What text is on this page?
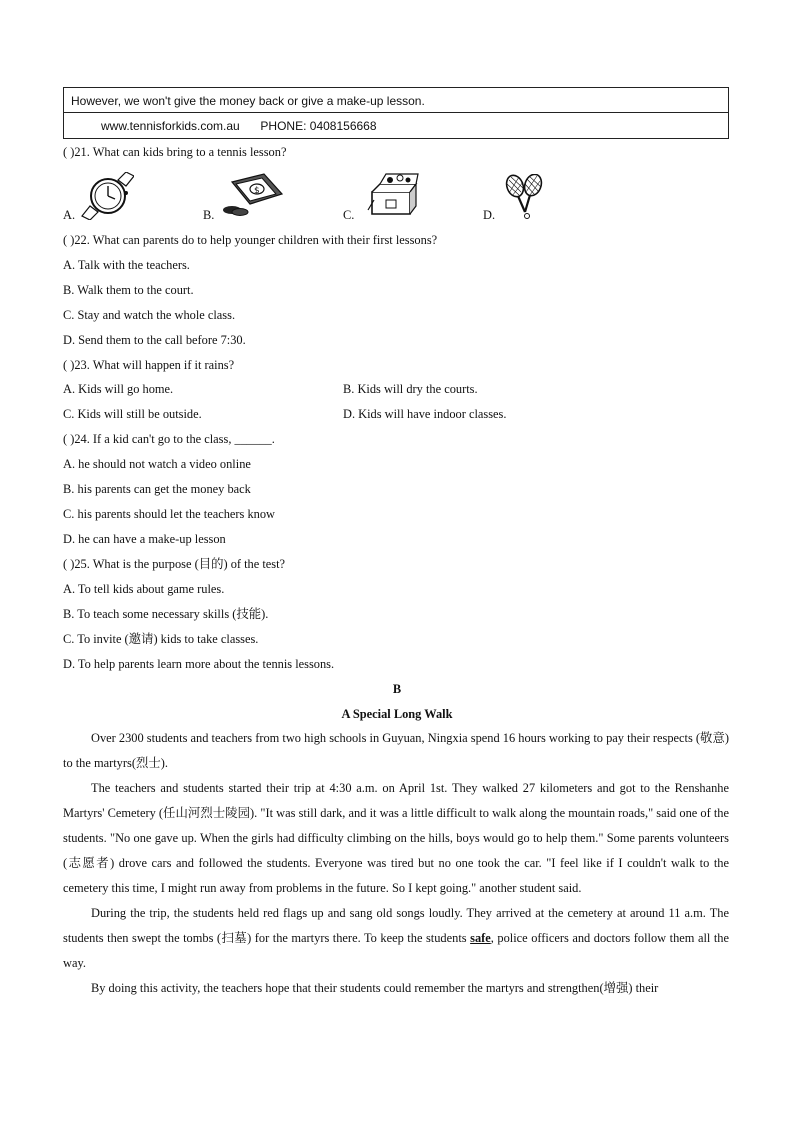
However, we won't give the money back or give a make-up lesson.
www.tennisforkids.com.au PHONE: 0408156668
( )21. What can kids bring to a tennis lesson?
A.	B.	C.	D.
$
( )22. What can parents do to help younger children with their first lessons?
A. Talk with the teachers.
B. Walk them to the court.
C. Stay and watch the whole class.
D. Send them to the call before 7:30.
( )23. What will happen if it rains?
A. Kids will go home.	B. Kids will dry the courts.
C. Kids will still be outside.	D. Kids will have indoor classes.
( )24. If a kid can't go to the class, ______.
A. he should not watch a video online
B. his parents can get the money back
C. his parents should let the teachers know
D. he can have a make-up lesson
( )25. What is the purpose (目的) of the test?
A. To tell kids about game rules.
B. To teach some necessary skills (技能).
C. To invite (邀请) kids to take classes.
D. To help parents learn more about the tennis lessons.
B
A Special Long Walk

Over 2300 students and teachers from two high schools in Guyuan, Ningxia spend 16 hours working to pay their respects (敬意) to the martyrs(烈士).

The teachers and students started their trip at 4:30 a.m. on April 1st. They walked 27 kilometers and got to the Renshanhe Martyrs' Cemetery (任山河烈士陵园). "It was still dark, and it was a little difficult to walk along the mountain roads," said one of the students. "No one gave up. When the girls had difficulty climbing on the hills, boys would go to help them." Some parents volunteers (志愿者) drove cars and followed the students. Everyone was tired but no one took the car. "I feel like if I couldn't walk to the cemetery this time, I might run away from problems in the future. So I kept going." another student said.

During the trip, the students held red flags up and sang old songs loudly. They arrived at the cemetery at around 11 a.m. The students then swept the tombs (扫墓) for the martyrs there. To keep the students safe, police officers and doctors follow them all the way.

By doing this activity, the teachers hope that their students could remember the martyrs and strengthen(增强) their
